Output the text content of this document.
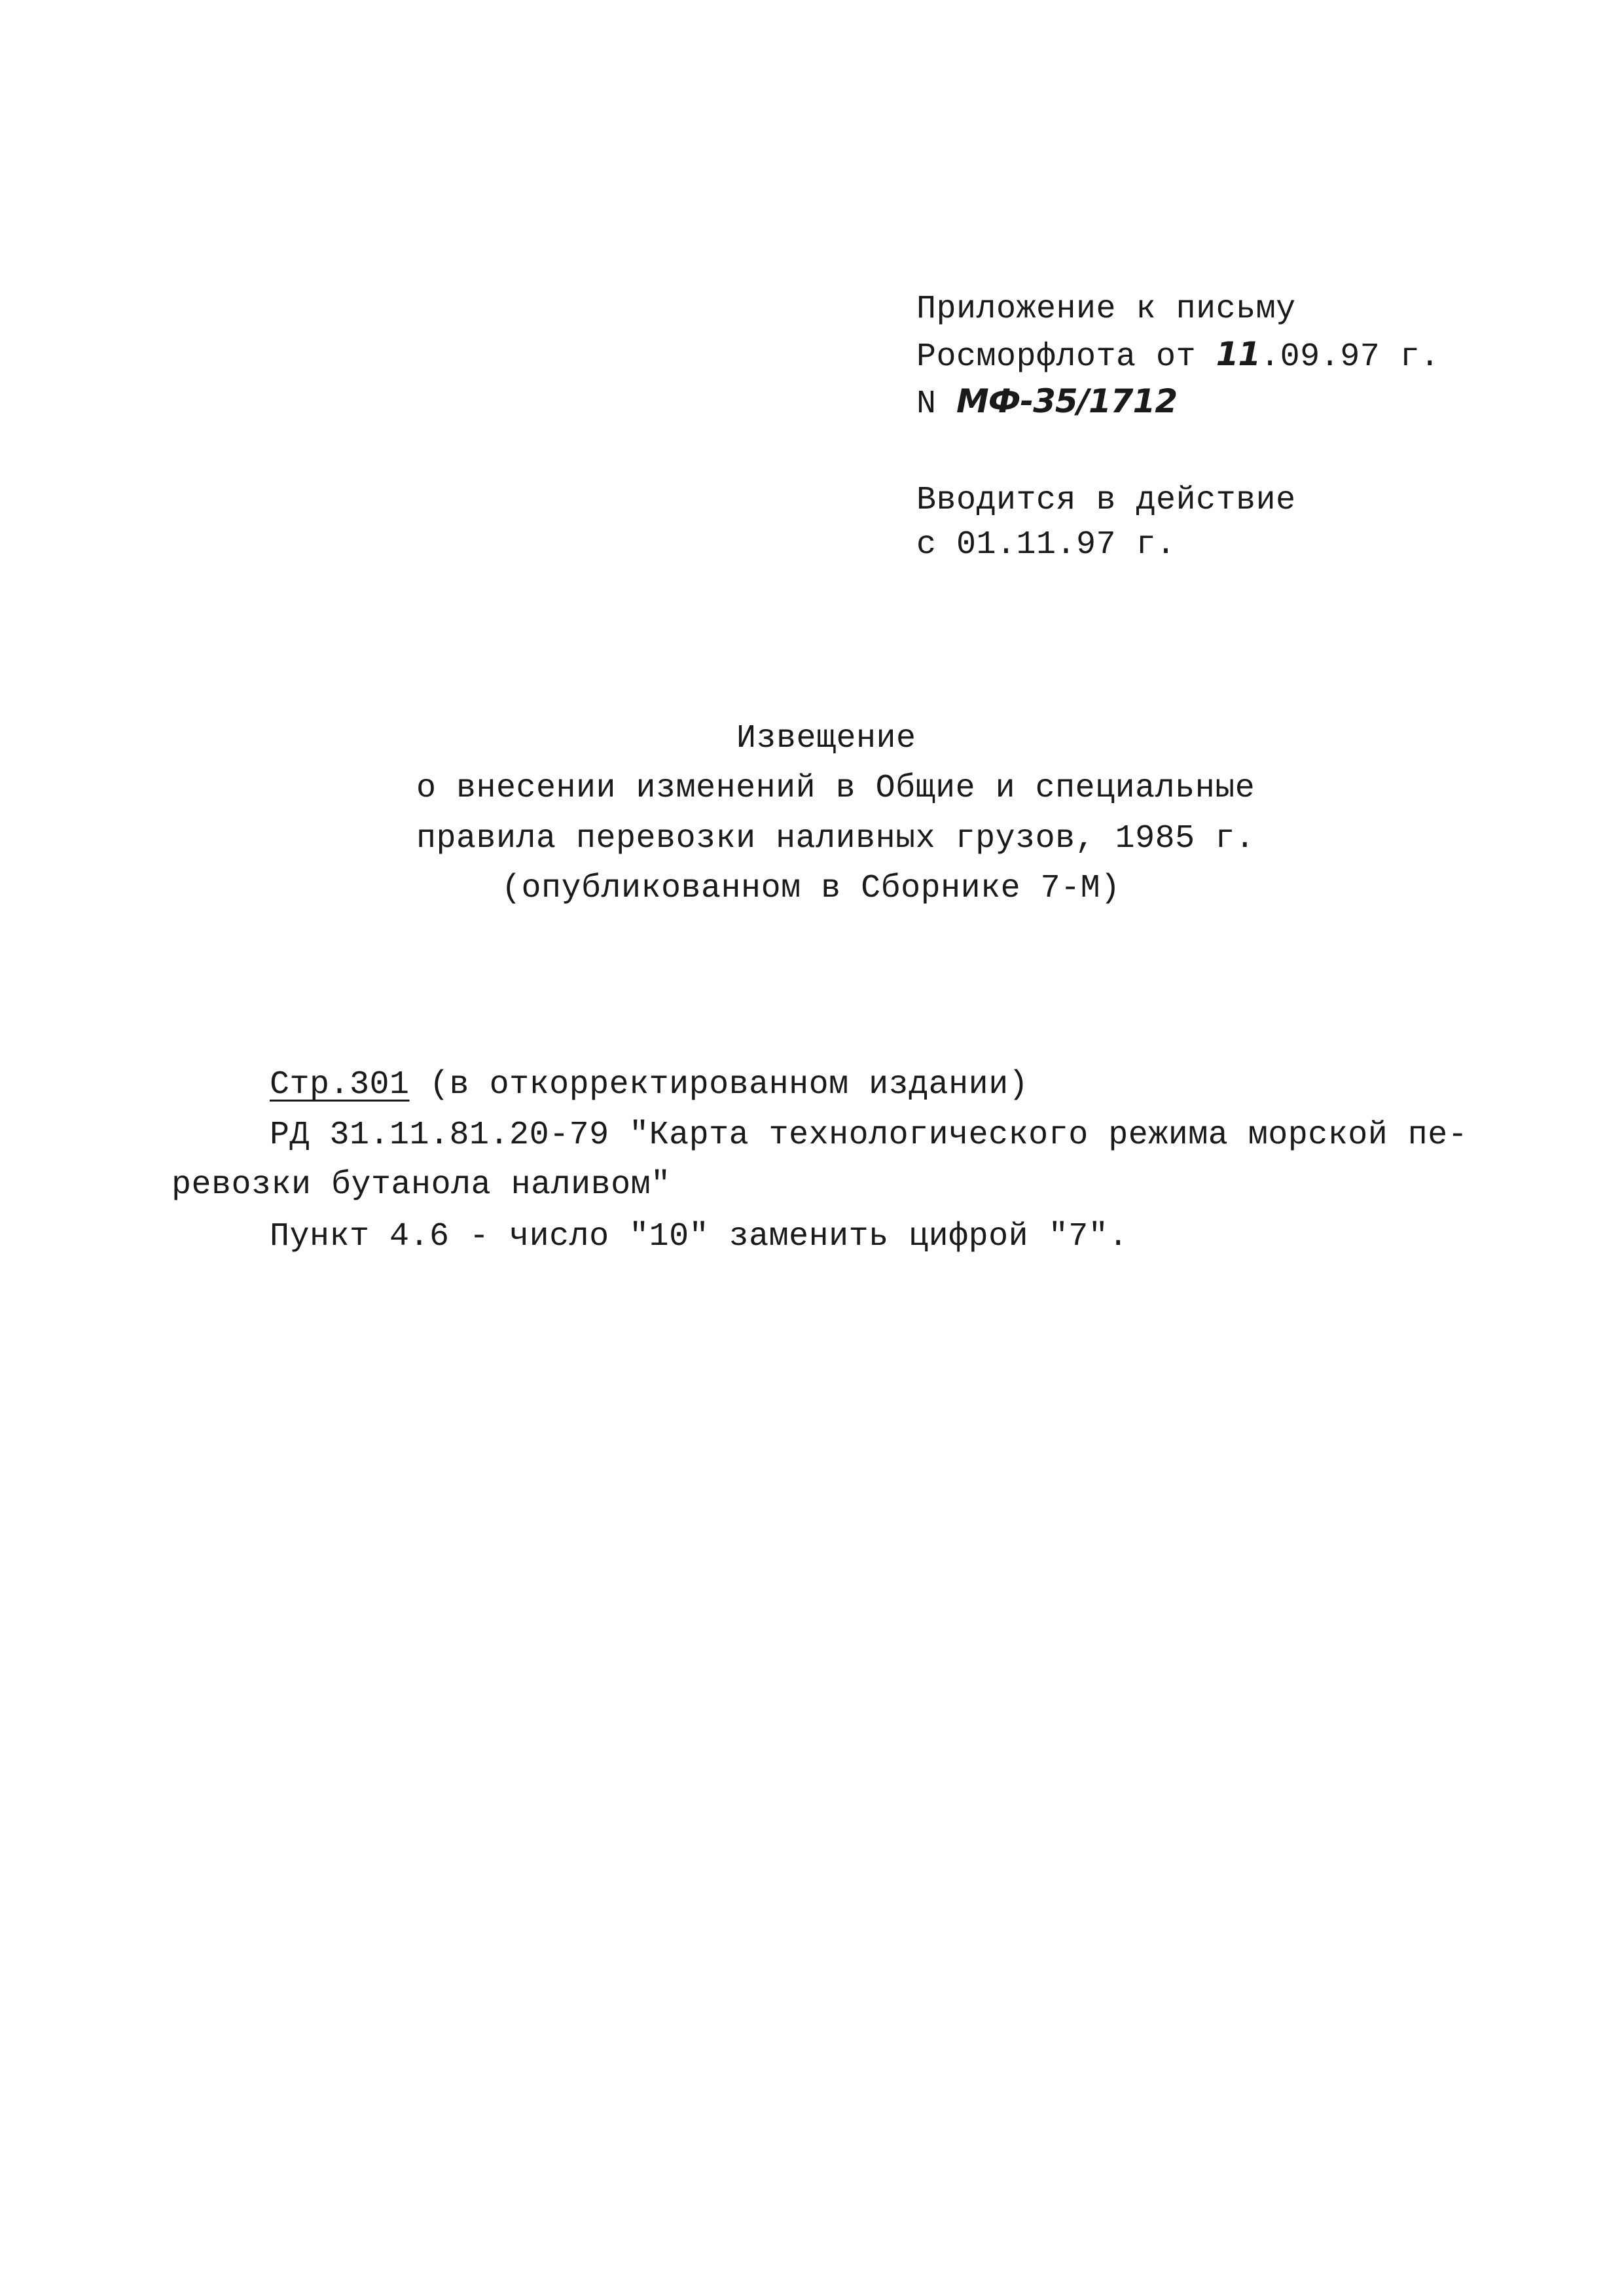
Приложение к письму
Росморфлота от 11.09.97 г.
N МФ-35/1712
Вводится в действие
с 01.11.97 г.
Извещение
о внесении изменений в Общие и специальные
правила перевозки наливных грузов, 1985 г.
(опубликованном в Сборнике 7-М)
Стр.301 (в откорректированном издании)
РД 31.11.81.20-79 "Карта технологического режима морской пе-
ревозки бутанола наливом"
Пункт 4.6 - число "10" заменить цифрой "7".
